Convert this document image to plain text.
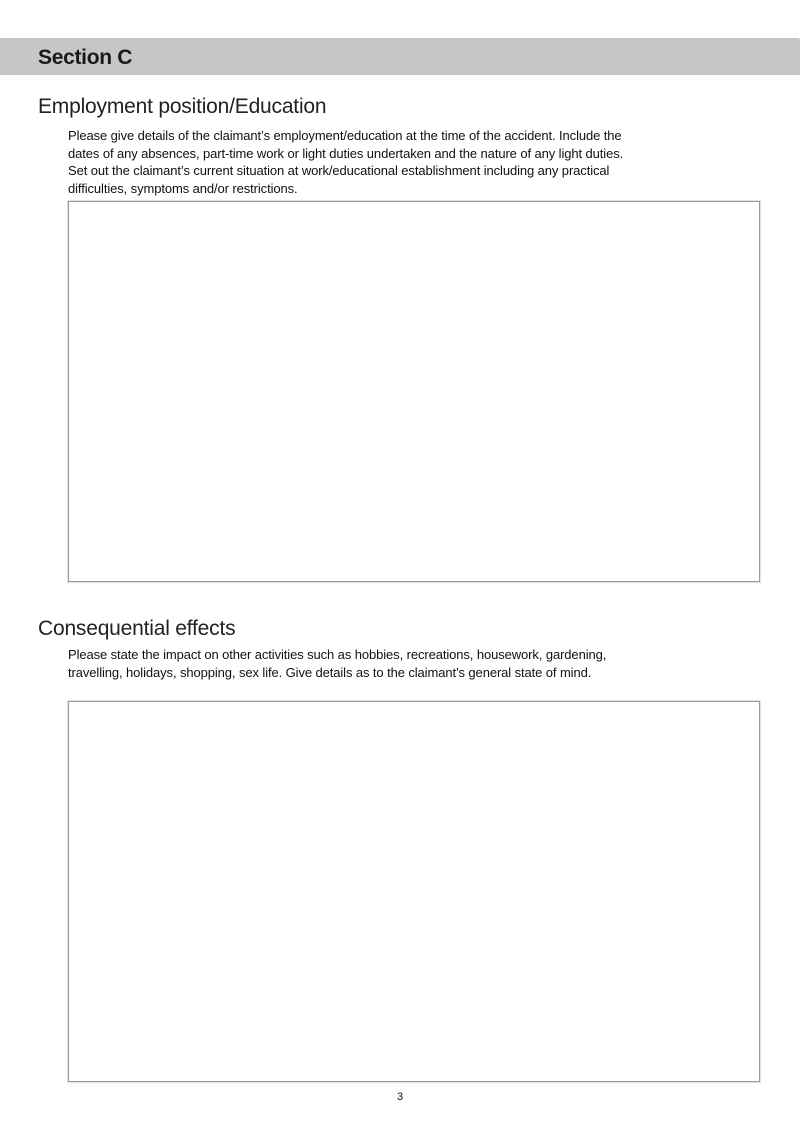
Section C
Employment position/Education
Please give details of the claimant’s employment/education at the time of the accident. Include the dates of any absences, part-time work or light duties undertaken and the nature of any light duties. Set out the claimant’s current situation at work/educational establishment including any practical difficulties, symptoms and/or restrictions.
Consequential effects
Please state the impact on other activities such as hobbies, recreations, housework, gardening, travelling, holidays, shopping, sex life. Give details as to the claimant’s general state of mind.
3
